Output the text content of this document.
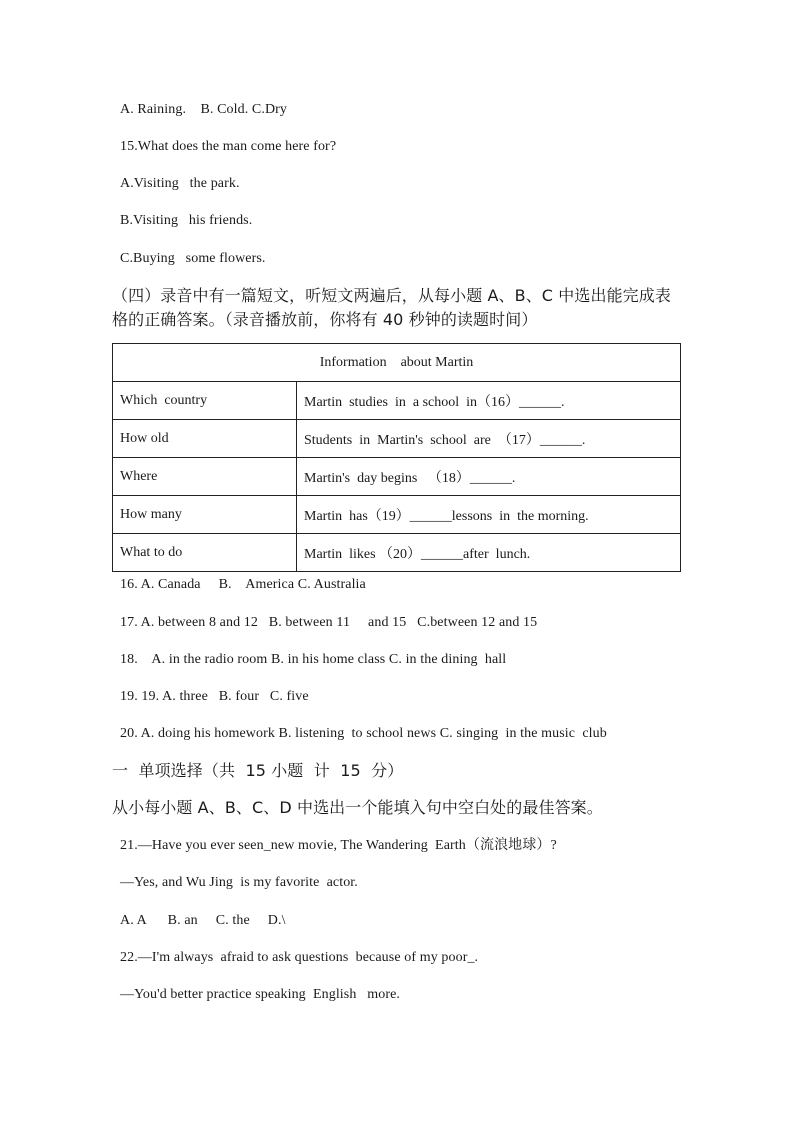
A. Raining.    B. Cold. C.Dry
15.What does the man come here for?
A.Visiting   the park.
B.Visiting   his friends.
C.Buying   some flowers.
（四）录音中有一篇短文，听短文两遍后，从每小题 A、B、C 中选出能完成表
格的正确答案。（录音播放前，你将有 40 秒钟的读题时间）
Information    about Martin	
Which  country	Martin  studies  in  a school  in（16）______.
How old	Students  in  Martin's  school  are  （17）______.
Where	Martin's  day begins   （18）______.
How many	Martin  has（19）______lessons  in  the morning.
What to do	Martin  likes （20）______after  lunch.
16. A. Canada     B.    America C. Australia
17. A. between 8 and 12   B. between 11     and 15   C.between 12 and 15
18.    A. in the radio room B. in his home class C. in the dining  hall
19. 19. A. three   B. four   C. five
20. A. doing his homework B. listening  to school news C. singing  in the music  club
一  单项选择（共  15 小题  计  15  分）
从小每小题 A、B、C、D 中选出一个能填入句中空白处的最佳答案。
21.—Have you ever seen_new movie, The Wandering  Earth（流浪地球）?
—Yes, and Wu Jing  is my favorite  actor.
A. A      B. an     C. the     D.\
22.—I'm always  afraid to ask questions  because of my poor_.
—You'd better practice speaking  English   more.
